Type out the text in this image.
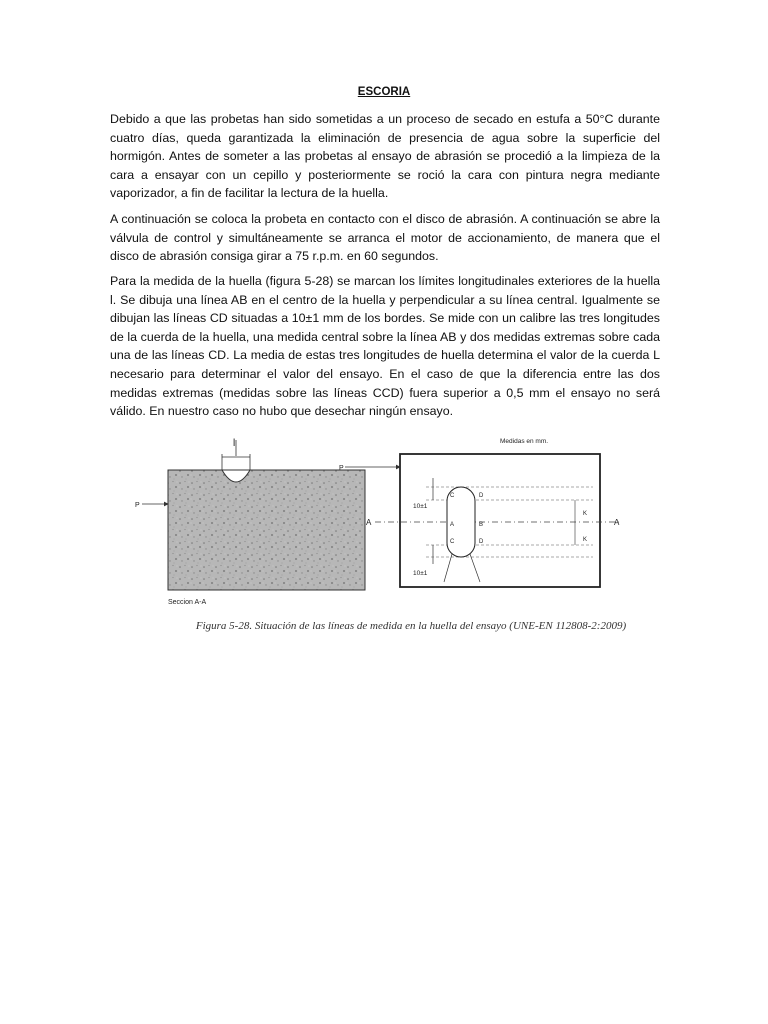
ESCORIA

Debido a que las probetas han sido sometidas a un proceso de secado en estufa a 50°C durante cuatro días, queda garantizada la eliminación de presencia de agua sobre la superficie del hormigón. Antes de someter a las probetas al ensayo de abrasión se procedió a la limpieza de la cara a ensayar con un cepillo y posteriormente se roció la cara con pintura negra mediante vaporizador, a fin de facilitar la lectura de la huella.

A continuación se coloca la probeta en contacto con el disco de abrasión. A continuación se abre la válvula de control y simultáneamente se arranca el motor de accionamiento, de manera que el disco de abrasión consiga girar a 75 r.p.m. en 60 segundos.

Para la medida de la huella (figura 5-28) se marcan los límites longitudinales exteriores de la huella l. Se dibuja una línea AB en el centro de la huella y perpendicular a su línea central. Igualmente se dibujan las líneas CD situadas a 10±1 mm de los bordes. Se mide con un calibre las tres longitudes de la cuerda de la huella, una medida central sobre la línea AB y dos medidas extremas sobre cada una de las líneas CD. La media de estas tres longitudes de huella determina el valor de la cuerda L necesario para determinar el valor del ensayo. En el caso de que la diferencia entre las dos medidas extremas (medidas sobre las líneas CCD) fuera superior a 0,5 mm el ensayo no será válido. En nuestro caso no hubo que desechar ningún ensayo.

l
P
Seccion A-A
Medidas en mm.
P
A	A
10±1
10±1
K
K
C	D
A	B
C	D
Figura 5-28. Situación de las líneas de medida en la huella del ensayo (UNE-EN 112808-2:2009)
